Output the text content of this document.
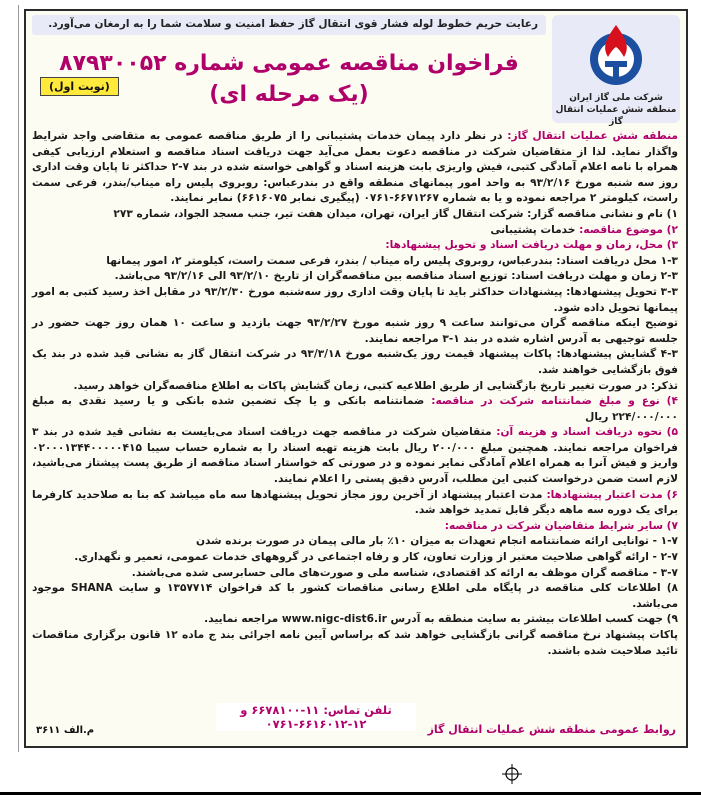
رعایت حریم خطوط لوله فشار قوی انتقال گاز حفظ امنیت و سلامت شما را به ارمغان می‌آورد.
شرکت ملی گاز ایران
منطقه شش عملیات انتقال گاز
فراخوان مناقصه عمومی شماره ۸۷۹۳۰۰۵۲
(یک مرحله ای)
(نوبت اول)

منطقه شش عملیات انتقال گاز: در نظر دارد پیمان خدمات پشتیبانی را از طریق مناقصه عمومی به متقاضی واجد شرایط واگذار نماید. لذا از متقاضیان شرکت در مناقصه دعوت بعمل می‌آید جهت دریافت اسناد مناقصه و استعلام ارزیابی کیفی همراه با نامه اعلام آمادگی کتبی، فیش واریزی بابت هزینه اسناد و گواهی خواسته شده در بند ۷-۲ حداکثر تا پایان وقت اداری روز سه شنبه مورخ ۹۳/۲/۱۶ به واحد امور پیمانهای منطقه واقع در بندرعباس: روبروی پلیس راه میناب/بندر، فرعی سمت راست، کیلومتر ۲ مراجعه نموده و یا به شماره ۶۶۷۱۲۶۷-۰۷۶۱ (پیگیری نمابر ۶۶۱۶۰۷۵) نمابر نمایند.

۱) نام و نشانی مناقصه گزار: شرکت انتقال گاز ایران، تهران، میدان هفت تیر، جنب مسجد الجواد، شماره ۲۷۳

۲) موضوع مناقصه: خدمات پشتیبانی

۳) محل، زمان و مهلت دریافت اسناد و تحویل پیشنهادها:

۱-۳ محل دریافت اسناد: بندرعباس، روبروی پلیس راه میناب / بندر، فرعی سمت راست، کیلومتر ۲، امور پیمانها

۲-۳ زمان و مهلت دریافت اسناد: توزیع اسناد مناقصه بین مناقصه‌گران از تاریخ ۹۳/۲/۱۰ الی ۹۳/۲/۱۶ می‌باشد.

۳-۳ تحویل پیشنهادها: پیشنهادات حداکثر باید تا پایان وقت اداری روز سه‌شنبه مورخ ۹۳/۲/۳۰ در مقابل اخذ رسید کتبی به امور پیمانها تحویل داده شود.

توضیح اینکه مناقصه گران می‌توانند ساعت ۹ روز شنبه مورخ ۹۳/۲/۲۷ جهت بازدید و ساعت ۱۰ همان روز جهت حضور در جلسه توجیهی به آدرس اشاره شده در بند ۱-۳ مراجعه نمایند.

۴-۳ گشایش پیشنهادها: پاکات پیشنهاد قیمت روز یک‌شنبه مورخ ۹۳/۳/۱۸ در شرکت انتقال گاز به نشانی قید شده در بند یک فوق بازگشایی خواهند شد.

تذکر: در صورت تغییر تاریخ بازگشایی از طریق اطلاعیه کتبی، زمان گشایش پاکات به اطلاع مناقصه‌گران خواهد رسید.

۴) نوع و مبلغ ضمانتنامه شرکت در مناقصه: ضمانتنامه بانکی و یا چک تضمین شده بانکی و یا رسید نقدی به مبلغ ۲۲۴/۰۰۰/۰۰۰ ریال

۵) نحوه دریافت اسناد و هزینه آن: متقاضیان شرکت در مناقصه جهت دریافت اسناد می‌بایست به نشانی قید شده در بند ۳ فراخوان مراجعه نمایند. همچنین مبلغ ۲۰۰/۰۰۰ ریال بابت هزینه تهیه اسناد را به شماره حساب سیبا ۰۲۰۰۰۱۳۴۴۰۰۰۰۰۴۱۵ واریز و فیش آنرا به همراه اعلام آمادگی نمایر نموده و در صورتی که خواستار اسناد مناقصه از طریق پست پیشتاز می‌باشید، لازم است ضمن درخواست کتبی این مطلب، آدرس دقیق پستی را اعلام نمایند.

۶) مدت اعتبار پیشنهادها: مدت اعتبار پیشنهاد از آخرین روز مجاز تحویل پیشنهادها سه ماه میباشد که بنا به صلاحدید کارفرما برای یک دوره سه ماهه دیگر قابل تمدید خواهد شد.

۷) سایر شرایط متقاضیان شرکت در مناقصه:

۱-۷ - توانایی ارائه ضمانتنامه انجام تعهدات به میزان ۱۰٪ بار مالی پیمان در صورت برنده شدن

۲-۷ - ارائه گواهی صلاحیت معتبر از وزارت تعاون، کار و رفاه اجتماعی در گروههای خدمات عمومی، تعمیر و نگهداری.

۳-۷ - مناقصه گران موظف به ارائه کد اقتصادی، شناسه ملی و صورت‌های مالی حسابرسی شده می‌باشند.

۸) اطلاعات کلی مناقصه در پایگاه ملی اطلاع رسانی مناقصات کشور با کد فراخوان ۱۳۵۷۷۱۴ و سایت SHANA موجود می‌باشد.

۹) جهت کسب اطلاعات بیشتر به سایت منطقه به آدرس www.nigc-dist6.ir مراجعه نمایید.

پاکات پیشنهاد نرخ مناقصه گرانی بازگشایی خواهد شد که براساس آیین نامه اجرائی بند ج ماده ۱۲ قانون برگزاری مناقصات تائید صلاحیت شده باشند.

تلفن تماس: ۱۱-۶۶۷۸۱۰۰ و ۱۲-۶۶۱۶۰۱۲-۰۷۶۱	روابط عمومی منطقه شش عملیات انتقال گاز
م.الف ۳۶۱۱
